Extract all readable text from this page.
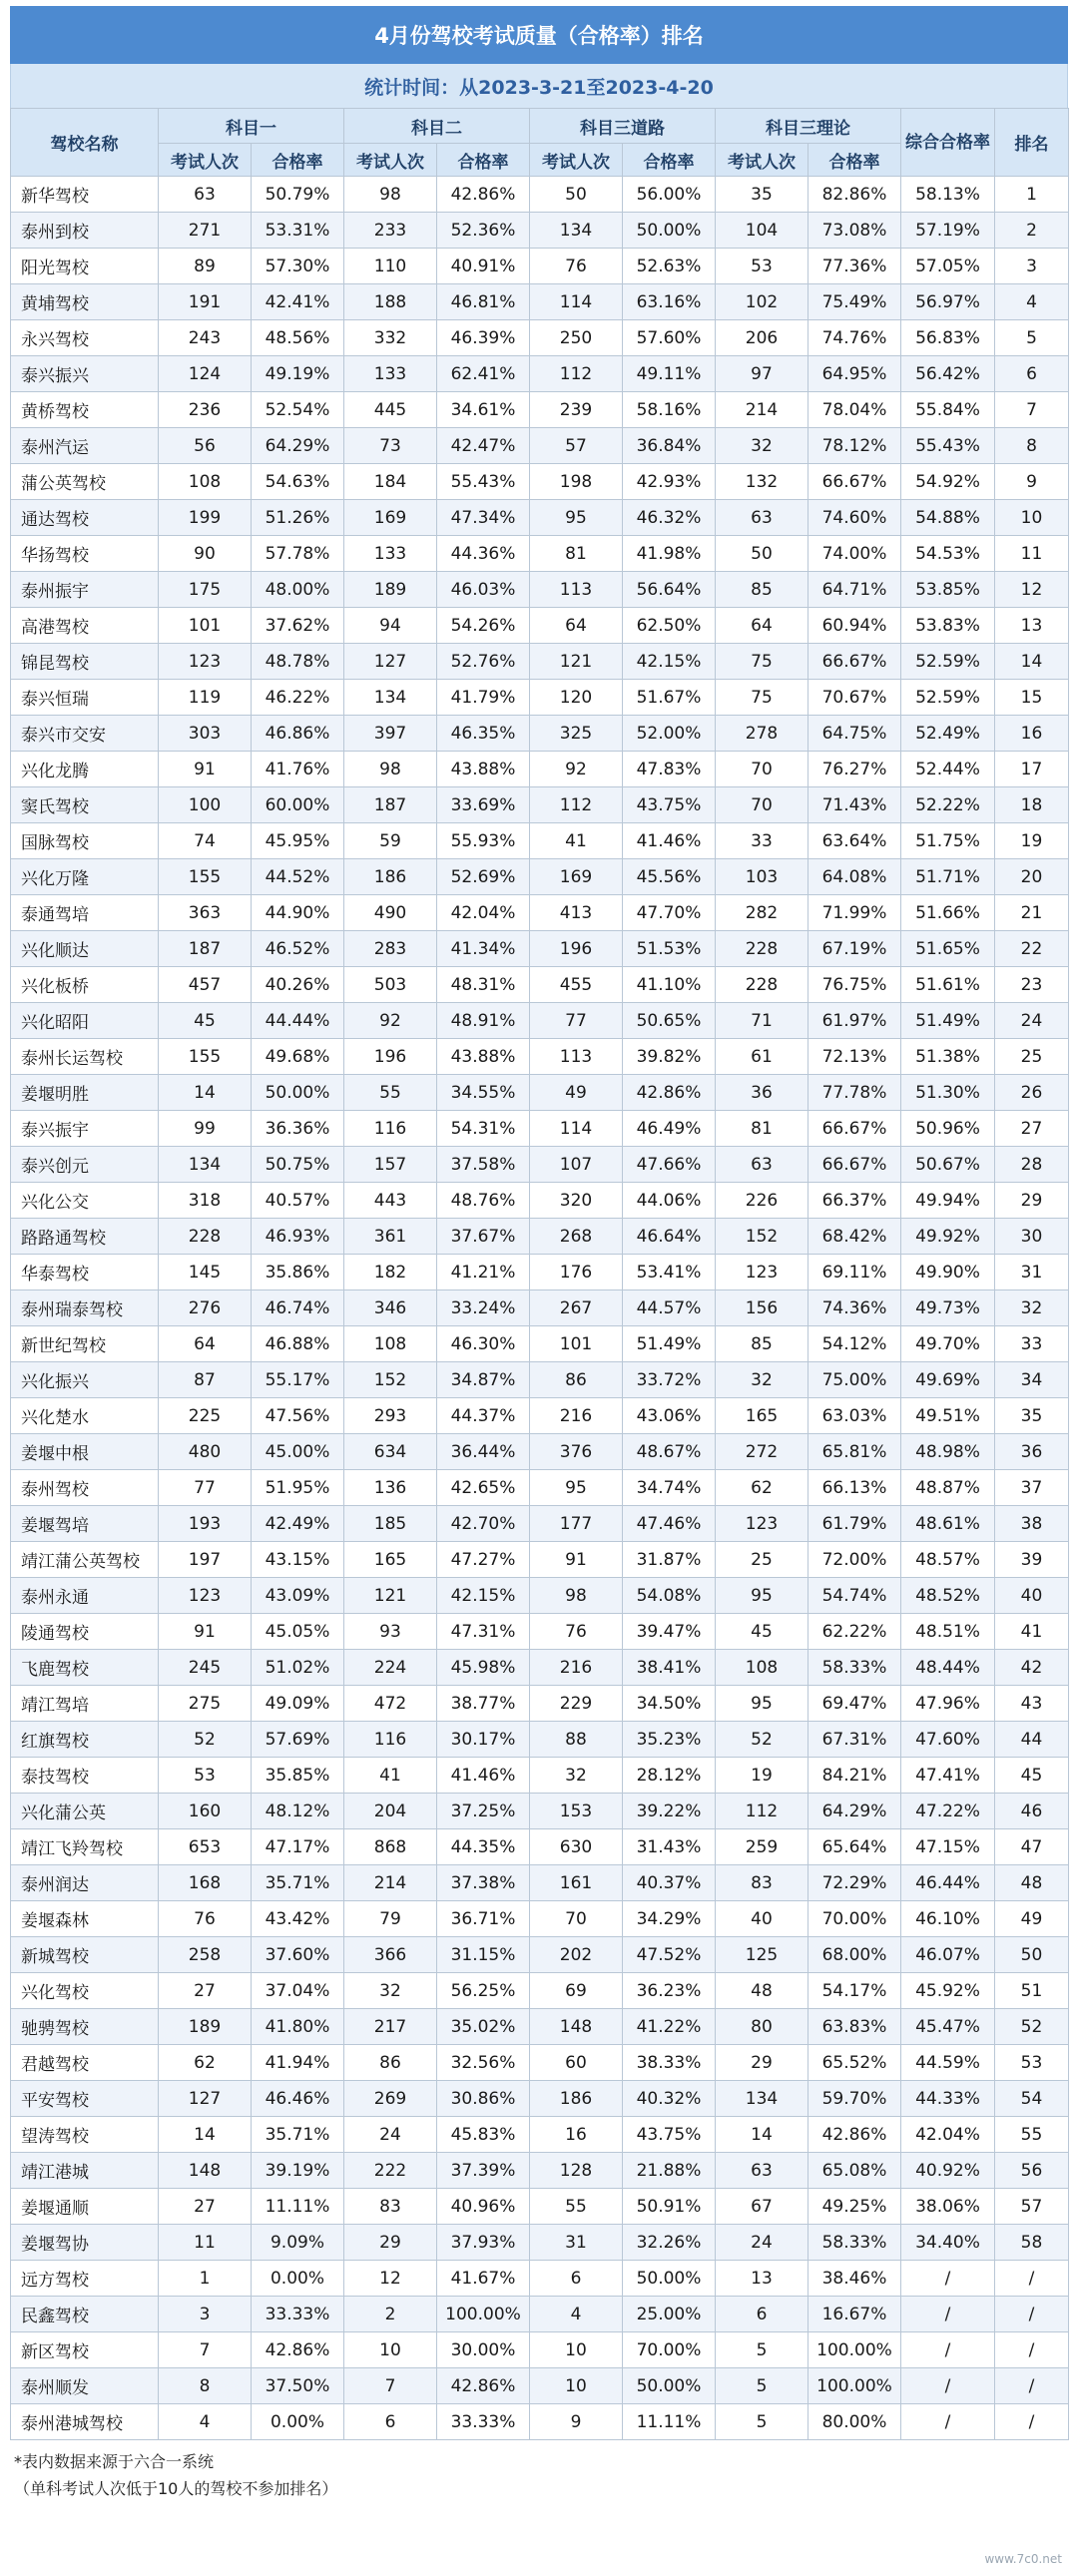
4月份驾校考试质量（合格率）排名
统计时间：从2023-3-21至2023-4-20
驾校名称	科目一		科目二		科目三道路		科目三理论		综合合格率	排名
	考试人次	合格率	考试人次	合格率	考试人次	合格率	考试人次	合格率		
新华驾校	63	50.79%	98	42.86%	50	56.00%	35	82.86%	58.13%	1
泰州到校	271	53.31%	233	52.36%	134	50.00%	104	73.08%	57.19%	2
阳光驾校	89	57.30%	110	40.91%	76	52.63%	53	77.36%	57.05%	3
黄埔驾校	191	42.41%	188	46.81%	114	63.16%	102	75.49%	56.97%	4
永兴驾校	243	48.56%	332	46.39%	250	57.60%	206	74.76%	56.83%	5
泰兴振兴	124	49.19%	133	62.41%	112	49.11%	97	64.95%	56.42%	6
黄桥驾校	236	52.54%	445	34.61%	239	58.16%	214	78.04%	55.84%	7
泰州汽运	56	64.29%	73	42.47%	57	36.84%	32	78.12%	55.43%	8
蒲公英驾校	108	54.63%	184	55.43%	198	42.93%	132	66.67%	54.92%	9
通达驾校	199	51.26%	169	47.34%	95	46.32%	63	74.60%	54.88%	10
华扬驾校	90	57.78%	133	44.36%	81	41.98%	50	74.00%	54.53%	11
泰州振宇	175	48.00%	189	46.03%	113	56.64%	85	64.71%	53.85%	12
高港驾校	101	37.62%	94	54.26%	64	62.50%	64	60.94%	53.83%	13
锦昆驾校	123	48.78%	127	52.76%	121	42.15%	75	66.67%	52.59%	14
泰兴恒瑞	119	46.22%	134	41.79%	120	51.67%	75	70.67%	52.59%	15
泰兴市交安	303	46.86%	397	46.35%	325	52.00%	278	64.75%	52.49%	16
兴化龙腾	91	41.76%	98	43.88%	92	47.83%	70	76.27%	52.44%	17
窦氏驾校	100	60.00%	187	33.69%	112	43.75%	70	71.43%	52.22%	18
国脉驾校	74	45.95%	59	55.93%	41	41.46%	33	63.64%	51.75%	19
兴化万隆	155	44.52%	186	52.69%	169	45.56%	103	64.08%	51.71%	20
泰通驾培	363	44.90%	490	42.04%	413	47.70%	282	71.99%	51.66%	21
兴化顺达	187	46.52%	283	41.34%	196	51.53%	228	67.19%	51.65%	22
兴化板桥	457	40.26%	503	48.31%	455	41.10%	228	76.75%	51.61%	23
兴化昭阳	45	44.44%	92	48.91%	77	50.65%	71	61.97%	51.49%	24
泰州长运驾校	155	49.68%	196	43.88%	113	39.82%	61	72.13%	51.38%	25
姜堰明胜	14	50.00%	55	34.55%	49	42.86%	36	77.78%	51.30%	26
泰兴振宇	99	36.36%	116	54.31%	114	46.49%	81	66.67%	50.96%	27
泰兴创元	134	50.75%	157	37.58%	107	47.66%	63	66.67%	50.67%	28
兴化公交	318	40.57%	443	48.76%	320	44.06%	226	66.37%	49.94%	29
路路通驾校	228	46.93%	361	37.67%	268	46.64%	152	68.42%	49.92%	30
华泰驾校	145	35.86%	182	41.21%	176	53.41%	123	69.11%	49.90%	31
泰州瑞泰驾校	276	46.74%	346	33.24%	267	44.57%	156	74.36%	49.73%	32
新世纪驾校	64	46.88%	108	46.30%	101	51.49%	85	54.12%	49.70%	33
兴化振兴	87	55.17%	152	34.87%	86	33.72%	32	75.00%	49.69%	34
兴化楚水	225	47.56%	293	44.37%	216	43.06%	165	63.03%	49.51%	35
姜堰中根	480	45.00%	634	36.44%	376	48.67%	272	65.81%	48.98%	36
泰州驾校	77	51.95%	136	42.65%	95	34.74%	62	66.13%	48.87%	37
姜堰驾培	193	42.49%	185	42.70%	177	47.46%	123	61.79%	48.61%	38
靖江蒲公英驾校	197	43.15%	165	47.27%	91	31.87%	25	72.00%	48.57%	39
泰州永通	123	43.09%	121	42.15%	98	54.08%	95	54.74%	48.52%	40
陵通驾校	91	45.05%	93	47.31%	76	39.47%	45	62.22%	48.51%	41
飞鹿驾校	245	51.02%	224	45.98%	216	38.41%	108	58.33%	48.44%	42
靖江驾培	275	49.09%	472	38.77%	229	34.50%	95	69.47%	47.96%	43
红旗驾校	52	57.69%	116	30.17%	88	35.23%	52	67.31%	47.60%	44
泰技驾校	53	35.85%	41	41.46%	32	28.12%	19	84.21%	47.41%	45
兴化蒲公英	160	48.12%	204	37.25%	153	39.22%	112	64.29%	47.22%	46
靖江飞羚驾校	653	47.17%	868	44.35%	630	31.43%	259	65.64%	47.15%	47
泰州润达	168	35.71%	214	37.38%	161	40.37%	83	72.29%	46.44%	48
姜堰森林	76	43.42%	79	36.71%	70	34.29%	40	70.00%	46.10%	49
新城驾校	258	37.60%	366	31.15%	202	47.52%	125	68.00%	46.07%	50
兴化驾校	27	37.04%	32	56.25%	69	36.23%	48	54.17%	45.92%	51
驰骋驾校	189	41.80%	217	35.02%	148	41.22%	80	63.83%	45.47%	52
君越驾校	62	41.94%	86	32.56%	60	38.33%	29	65.52%	44.59%	53
平安驾校	127	46.46%	269	30.86%	186	40.32%	134	59.70%	44.33%	54
望涛驾校	14	35.71%	24	45.83%	16	43.75%	14	42.86%	42.04%	55
靖江港城	148	39.19%	222	37.39%	128	21.88%	63	65.08%	40.92%	56
姜堰通顺	27	11.11%	83	40.96%	55	50.91%	67	49.25%	38.06%	57
姜堰驾协	11	9.09%	29	37.93%	31	32.26%	24	58.33%	34.40%	58
远方驾校	1	0.00%	12	41.67%	6	50.00%	13	38.46%	/	/
民鑫驾校	3	33.33%	2	100.00%	4	25.00%	6	16.67%	/	/
新区驾校	7	42.86%	10	30.00%	10	70.00%	5	100.00%	/	/
泰州顺发	8	37.50%	7	42.86%	10	50.00%	5	100.00%	/	/
泰州港城驾校	4	0.00%	6	33.33%	9	11.11%	5	80.00%	/	/
*表内数据来源于六合一系统
（单科考试人次低于10人的驾校不参加排名）
www.7c0.net
